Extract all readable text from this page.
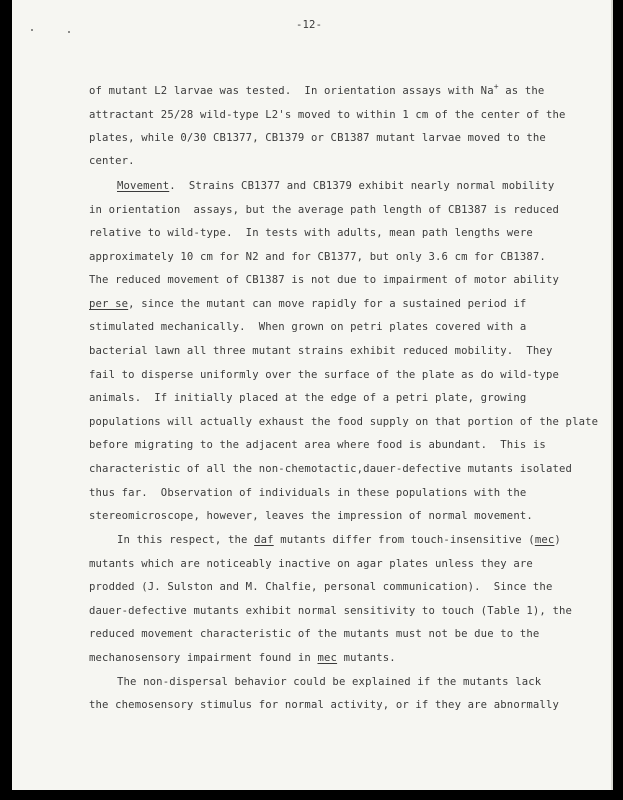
-12-
of mutant L2 larvae was tested.  In orientation assays with Na+ as the
attractant 25/28 wild-type L2's moved to within 1 cm of the center of the
plates, while 0/30 CB1377, CB1379 or CB1387 mutant larvae moved to the
center.
Movement.  Strains CB1377 and CB1379 exhibit nearly normal mobility
in orientation  assays, but the average path length of CB1387 is reduced
relative to wild-type.  In tests with adults, mean path lengths were
approximately 10 cm for N2 and for CB1377, but only 3.6 cm for CB1387.
The reduced movement of CB1387 is not due to impairment of motor ability
per se, since the mutant can move rapidly for a sustained period if
stimulated mechanically.  When grown on petri plates covered with a
bacterial lawn all three mutant strains exhibit reduced mobility.  They
fail to disperse uniformly over the surface of the plate as do wild-type
animals.  If initially placed at the edge of a petri plate, growing
populations will actually exhaust the food supply on that portion of the plate
before migrating to the adjacent area where food is abundant.  This is
characteristic of all the non-chemotactic,dauer-defective mutants isolated
thus far.  Observation of individuals in these populations with the
stereomicroscope, however, leaves the impression of normal movement.
In this respect, the daf mutants differ from touch-insensitive (mec)
mutants which are noticeably inactive on agar plates unless they are
prodded (J. Sulston and M. Chalfie, personal communication).  Since the
dauer-defective mutants exhibit normal sensitivity to touch (Table 1), the
reduced movement characteristic of the mutants must not be due to the
mechanosensory impairment found in mec mutants.
The non-dispersal behavior could be explained if the mutants lack
the chemosensory stimulus for normal activity, or if they are abnormally
